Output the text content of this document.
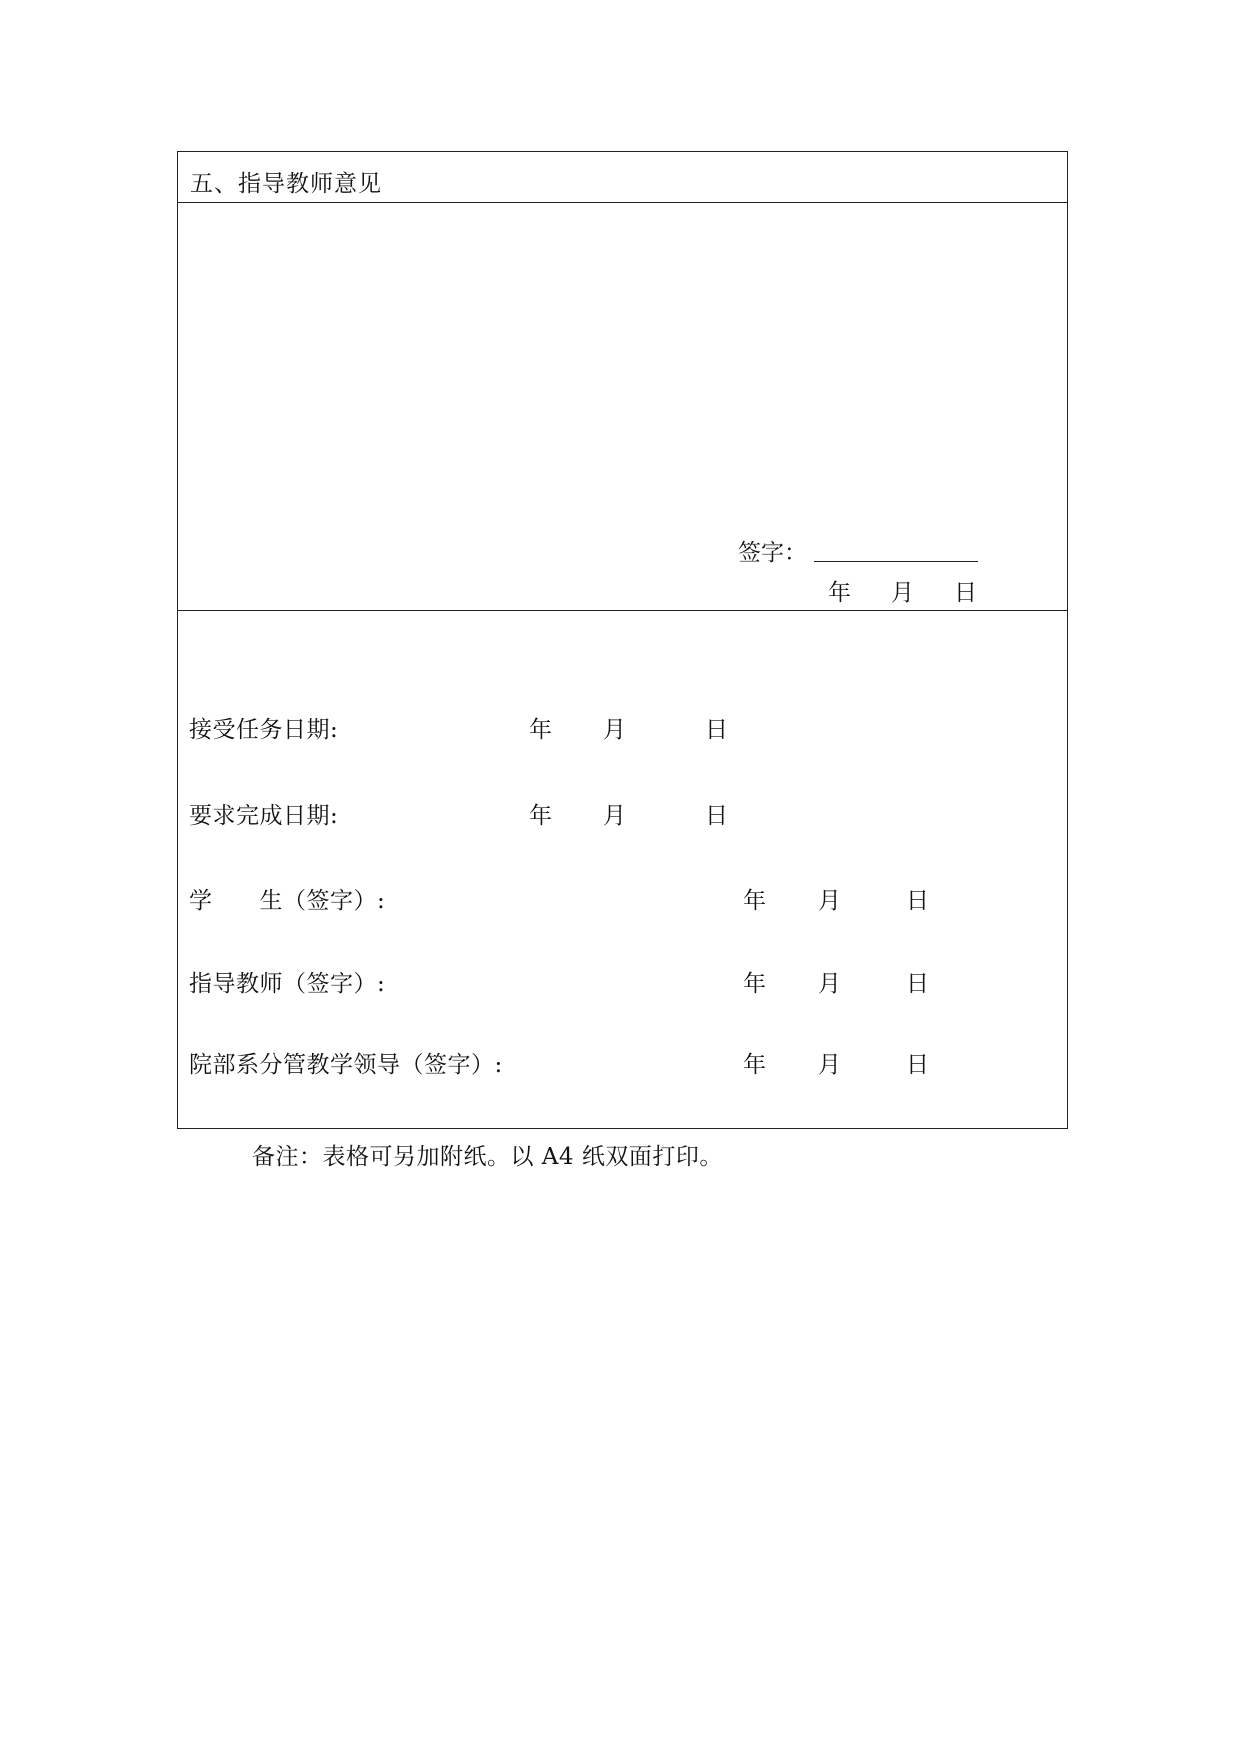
五、指导教师意见
签字：
年 月 日
接受任务日期:	年 月	日
要求完成日期:	年 月	日
学　　生（签字）:	年 月	日
指导教师（签字）:	年 月	日
院部系分管教学领导（签字）:	年 月	日
备注：表格可另加附纸。以 A4 纸双面打印。
